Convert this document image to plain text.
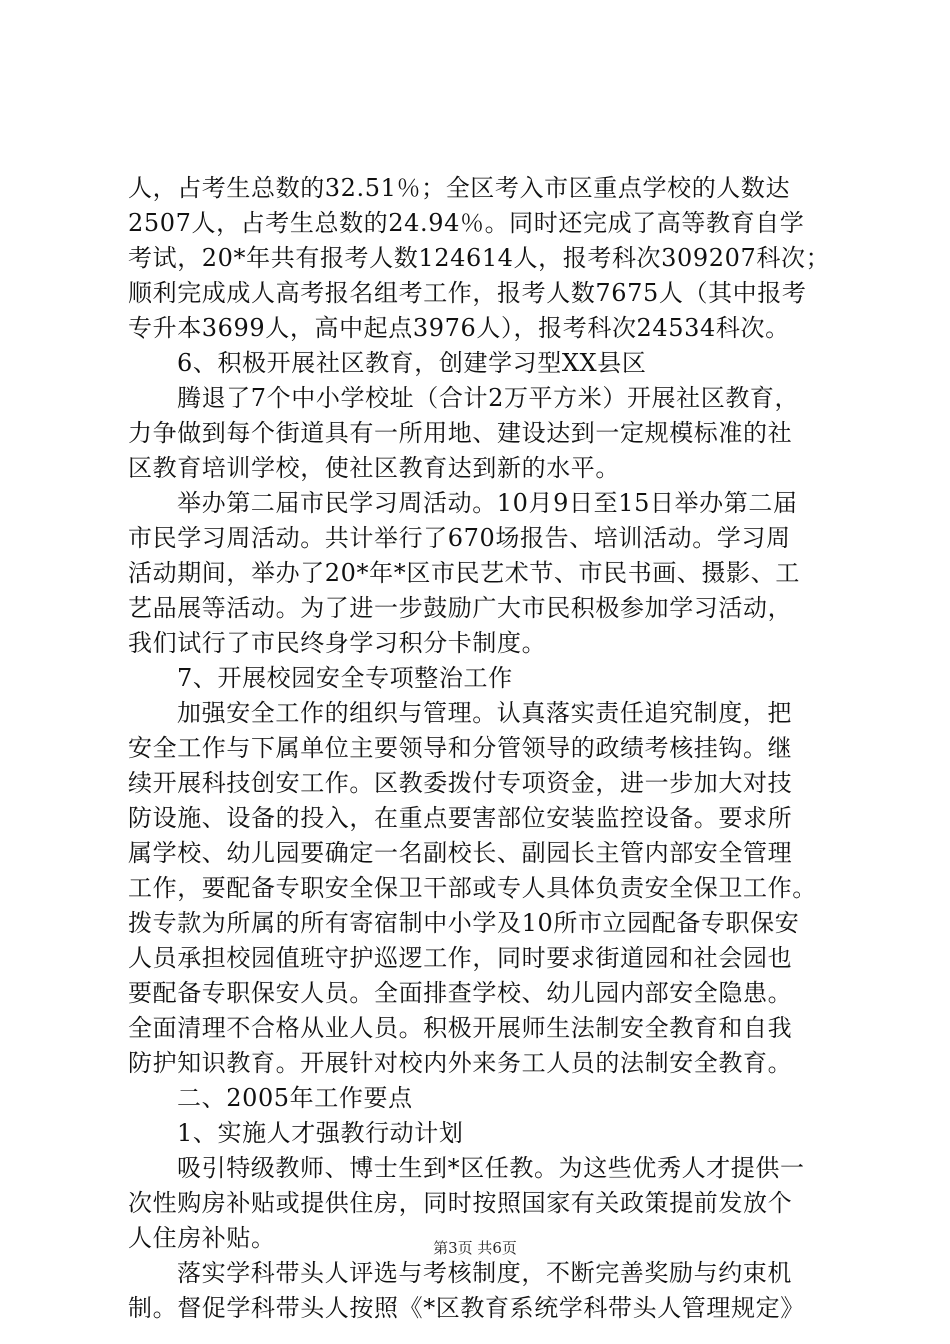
人，占考生总数的32.51％；全区考入市区重点学校的人数达
2507人，占考生总数的24.94％。同时还完成了高等教育自学
考试，20*年共有报考人数124614人，报考科次309207科次；
顺利完成成人高考报名组考工作，报考人数7675人（其中报考
专升本3699人，高中起点3976人），报考科次24534科次。
6、积极开展社区教育，创建学习型XX县区
腾退了7个中小学校址（合计2万平方米）开展社区教育，
力争做到每个街道具有一所用地、建设达到一定规模标准的社
区教育培训学校，使社区教育达到新的水平。
举办第二届市民学习周活动。10月9日至15日举办第二届
市民学习周活动。共计举行了670场报告、培训活动。学习周
活动期间，举办了20*年*区市民艺术节、市民书画、摄影、工
艺品展等活动。为了进一步鼓励广大市民积极参加学习活动，
我们试行了市民终身学习积分卡制度。
7、开展校园安全专项整治工作
加强安全工作的组织与管理。认真落实责任追究制度，把
安全工作与下属单位主要领导和分管领导的政绩考核挂钩。继
续开展科技创安工作。区教委拨付专项资金，进一步加大对技
防设施、设备的投入，在重点要害部位安装监控设备。要求所
属学校、幼儿园要确定一名副校长、副园长主管内部安全管理
工作，要配备专职安全保卫干部或专人具体负责安全保卫工作。
拨专款为所属的所有寄宿制中小学及10所市立园配备专职保安
人员承担校园值班守护巡逻工作，同时要求街道园和社会园也
要配备专职保安人员。全面排查学校、幼儿园内部安全隐患。
全面清理不合格从业人员。积极开展师生法制安全教育和自我
防护知识教育。开展针对校内外来务工人员的法制安全教育。
二、2005年工作要点
1、实施人才强教行动计划
吸引特级教师、博士生到*区任教。为这些优秀人才提供一
次性购房补贴或提供住房，同时按照国家有关政策提前发放个
人住房补贴。
落实学科带头人评选与考核制度，不断完善奖励与约束机
制。督促学科带头人按照《*区教育系统学科带头人管理规定》
第3页 共6页
